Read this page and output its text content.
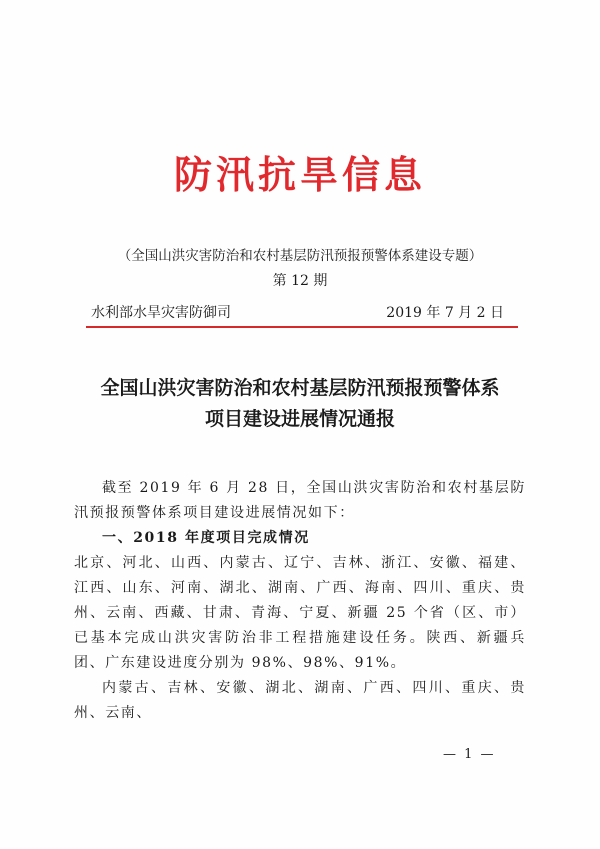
防汛抗旱信息
（全国山洪灾害防治和农村基层防汛预报预警体系建设专题）
第 12 期
水利部水旱灾害防御司	2019 年 7 月 2 日
全国山洪灾害防治和农村基层防汛预报预警体系
项目建设进展情况通报

截至 2019 年 6 月 28 日，全国山洪灾害防治和农村基层防汛预报预警体系项目建设进展情况如下：

一、2018 年度项目完成情况

北京、河北、山西、内蒙古、辽宁、吉林、浙江、安徽、福建、江西、山东、河南、湖北、湖南、广西、海南、四川、重庆、贵州、云南、西藏、甘肃、青海、宁夏、新疆 25 个省（区、市）已基本完成山洪灾害防治非工程措施建设任务。陕西、新疆兵团、广东建设进度分别为 98%、98%、91%。

内蒙古、吉林、安徽、湖北、湖南、广西、四川、重庆、贵州、云南、

— 1 —
